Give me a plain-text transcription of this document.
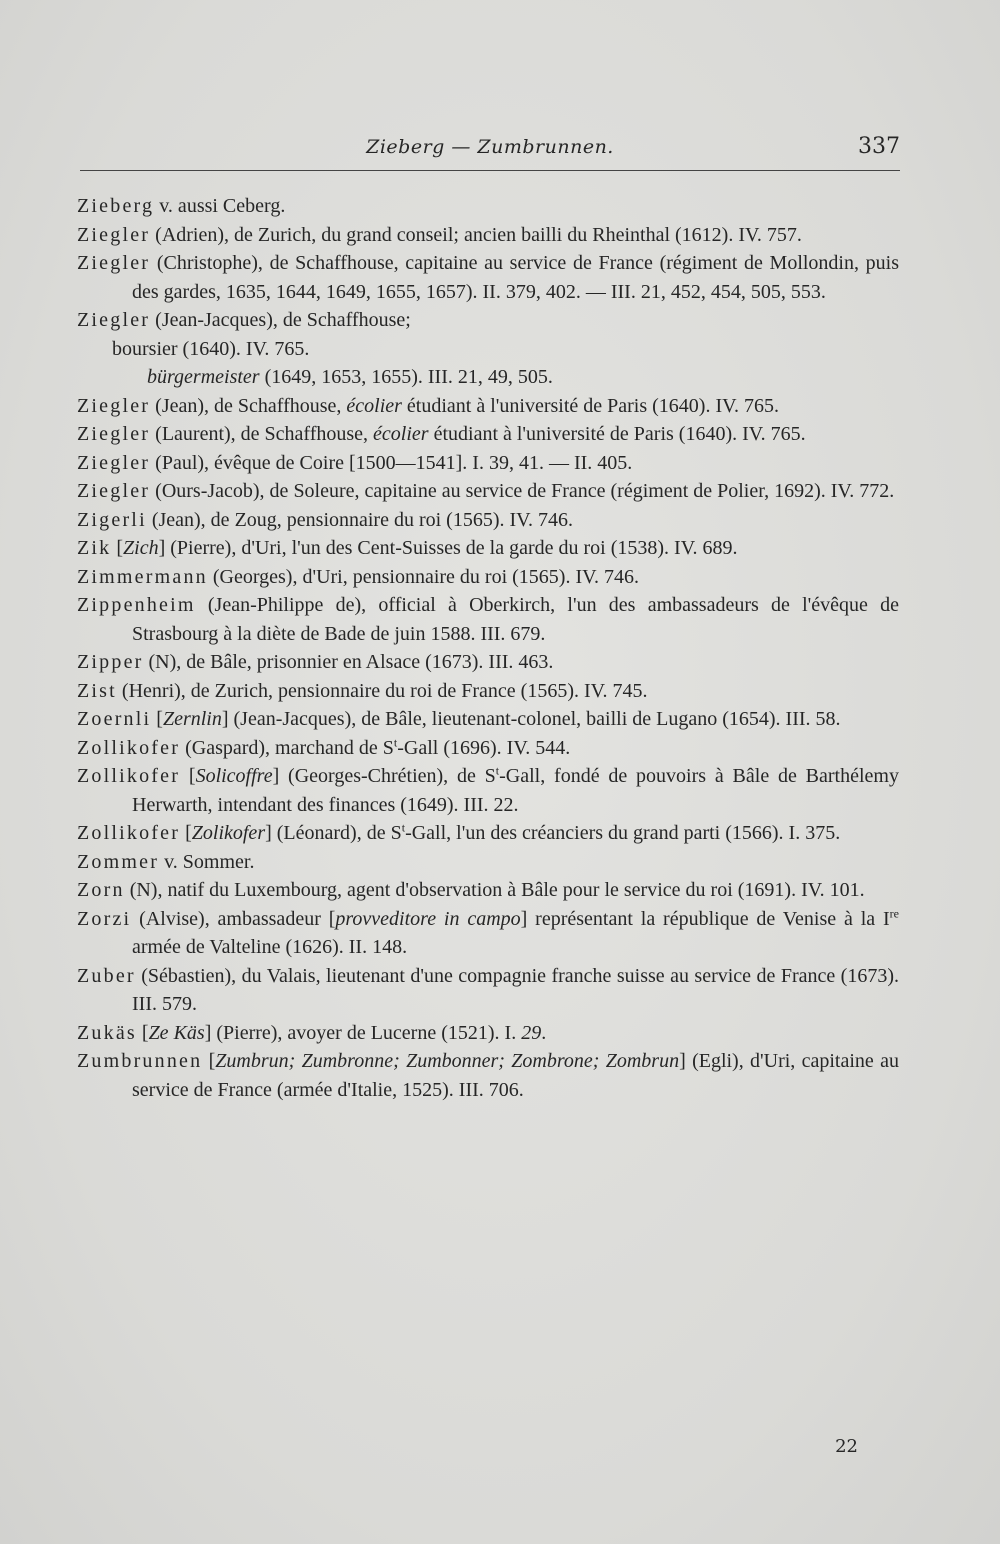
Zieberg — Zumbrunnen.	337

Zieberg v. aussi Ceberg.

Ziegler (Adrien), de Zurich, du grand conseil; ancien bailli du Rheinthal (1612). IV. 757.

Ziegler (Christophe), de Schaffhouse, capitaine au service de France (régiment de Mollondin, puis des gardes, 1635, 1644, 1649, 1655, 1657). II. 379, 402. — III. 21, 452, 454, 505, 553.

Ziegler (Jean-Jacques), de Schaffhouse;
boursier (1640). IV. 765.
bürgermeister (1649, 1653, 1655). III. 21, 49, 505.

Ziegler (Jean), de Schaffhouse, écolier étudiant à l'université de Paris (1640). IV. 765.

Ziegler (Laurent), de Schaffhouse, écolier étudiant à l'université de Paris (1640). IV. 765.

Ziegler (Paul), évêque de Coire [1500—1541]. I. 39, 41. — II. 405.

Ziegler (Ours-Jacob), de Soleure, capitaine au service de France (régiment de Polier, 1692). IV. 772.

Zigerli (Jean), de Zoug, pensionnaire du roi (1565). IV. 746.

Zik [Zich] (Pierre), d'Uri, l'un des Cent-Suisses de la garde du roi (1538). IV. 689.

Zimmermann (Georges), d'Uri, pensionnaire du roi (1565). IV. 746.

Zippenheim (Jean-Philippe de), official à Oberkirch, l'un des ambassadeurs de l'évêque de Strasbourg à la diète de Bade de juin 1588. III. 679.

Zipper (N), de Bâle, prisonnier en Alsace (1673). III. 463.

Zist (Henri), de Zurich, pensionnaire du roi de France (1565). IV. 745.

Zoernli [Zernlin] (Jean-Jacques), de Bâle, lieutenant-colonel, bailli de Lugano (1654). III. 58.

Zollikofer (Gaspard), marchand de $S^t$-Gall (1696). IV. 544.

Zollikofer [Solicoffre] (Georges-Chrétien), de $S^t$-Gall, fondé de pouvoirs à Bâle de Barthélemy Herwarth, intendant des finances (1649). III. 22.

Zollikofer [Zolikofer] (Léonard), de $S^t$-Gall, l'un des créanciers du grand parti (1566). I. 375.

Zommer v. Sommer.

Zorn (N), natif du Luxembourg, agent d'observation à Bâle pour le service du roi (1691). IV. 101.

Zorzi (Alvise), ambassadeur [provveditore in campo] représentant la république de Venise à la Ire armée de Valteline (1626). II. 148.

Zuber (Sébastien), du Valais, lieutenant d'une compagnie franche suisse au service de France (1673). III. 579.

Zukäs [Ze Käs] (Pierre), avoyer de Lucerne (1521). I. 29.

Zumbrunnen [Zumbrun; Zumbronne; Zumbonner; Zombrone; Zombrun] (Egli), d'Uri, capitaine au service de France (armée d'Italie, 1525). III. 706.

22
